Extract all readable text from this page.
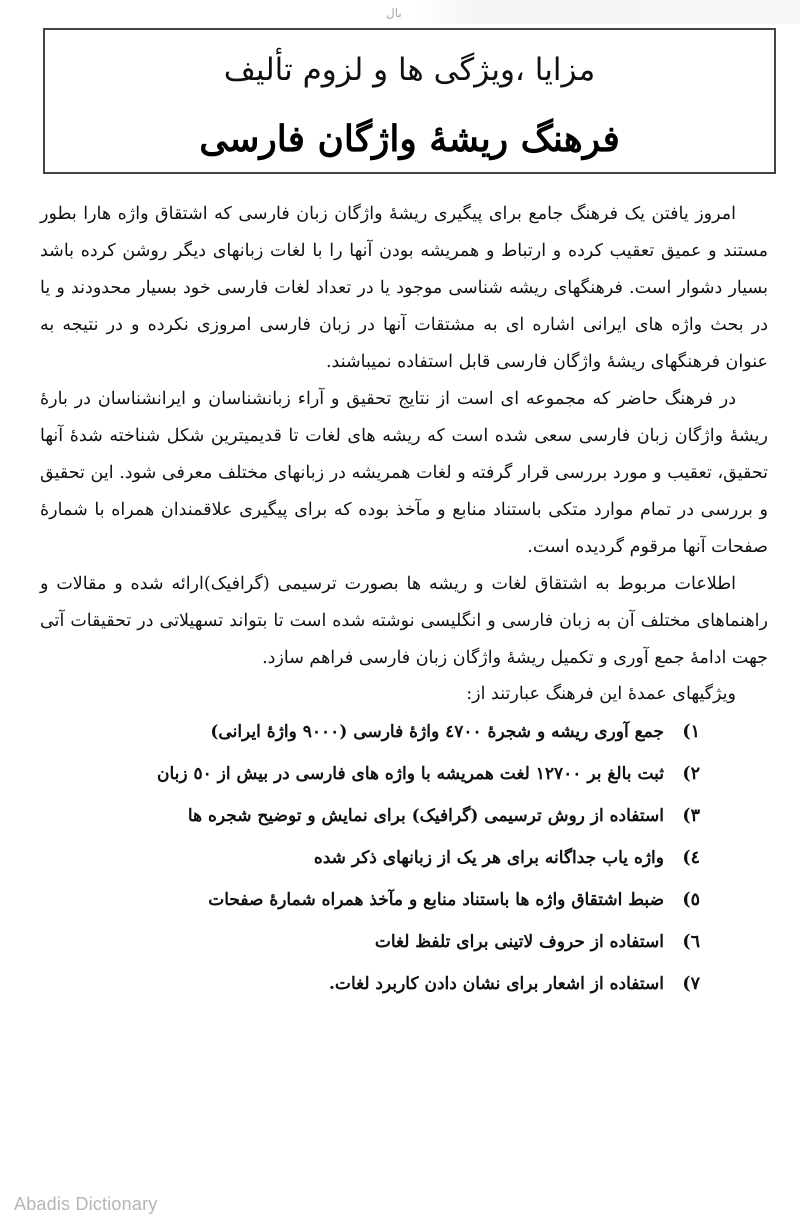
بال
مزایا ،ویژگی ها و لزوم تألیف
فرهنگ ریشهٔ واژگان فارسی

امروز یافتن یک فرهنگ جامع برای پیگیری ریشهٔ واژگان زبان فارسی که اشتقاق واژه هارا بطور مستند و عمیق تعقیب کرده و ارتباط و همریشه بودن آنها را با لغات زبانهای دیگر روشن کرده باشد بسیار دشوار است. فرهنگهای ریشه شناسی موجود یا در تعداد لغات فارسی خود بسیار محدودند و یا در بحث واژه های ایرانی اشاره ای به مشتقات آنها در زبان فارسی امروزی نکرده و در نتیجه به عنوان فرهنگهای ریشهٔ واژگان فارسی قابل استفاده نمیباشند.

در فرهنگ حاضر که مجموعه ای است از نتایج تحقیق و آراء زبانشناسان و ایرانشناسان در بارهٔ ریشهٔ واژگان زبان فارسی سعی شده است که ریشه های لغات تا قدیمیترین شکل شناخته شدهٔ آنها تحقیق، تعقیب و مورد بررسی قرار گرفته و لغات همریشه در زبانهای مختلف معرفی شود. این تحقیق و بررسی در تمام موارد متکی باستناد منابع و مآخذ بوده که برای پیگیری علاقمندان همراه با شمارهٔ صفحات آنها مرقوم گردیده است.

اطلاعات مربوط به اشتقاق لغات و ریشه ها بصورت ترسیمی (گرافیک)ارائه شده و مقالات و راهنماهای مختلف آن به زبان فارسی و انگلیسی نوشته شده است تا بتواند تسهیلاتی در تحقیقات آتی جهت ادامهٔ جمع آوری و تکمیل ریشهٔ واژگان زبان فارسی فراهم سازد.

ویژگیهای عمدهٔ این فرهنگ عبارتند از:

۱)
جمع آوری ریشه و شجرهٔ ٤٧٠٠ واژهٔ فارسی (٩٠٠٠ واژهٔ ایرانی)
۲)
ثبت بالغ بر ١٢٧٠٠ لغت همریشه با واژه های فارسی در بیش از ٥٠ زبان
۳)
استفاده از روش ترسیمی (گرافیک) برای نمایش و توضیح شجره ها
٤)
واژه یاب جداگانه برای هر یک از زبانهای ذکر شده
٥)
ضبط اشتقاق واژه ها باستناد منابع و مآخذ همراه شمارهٔ صفحات
٦)
استفاده از حروف لاتینی برای تلفظ لغات
٧)
استفاده از اشعار برای نشان دادن کاربرد لغات.
Abadis Dictionary
